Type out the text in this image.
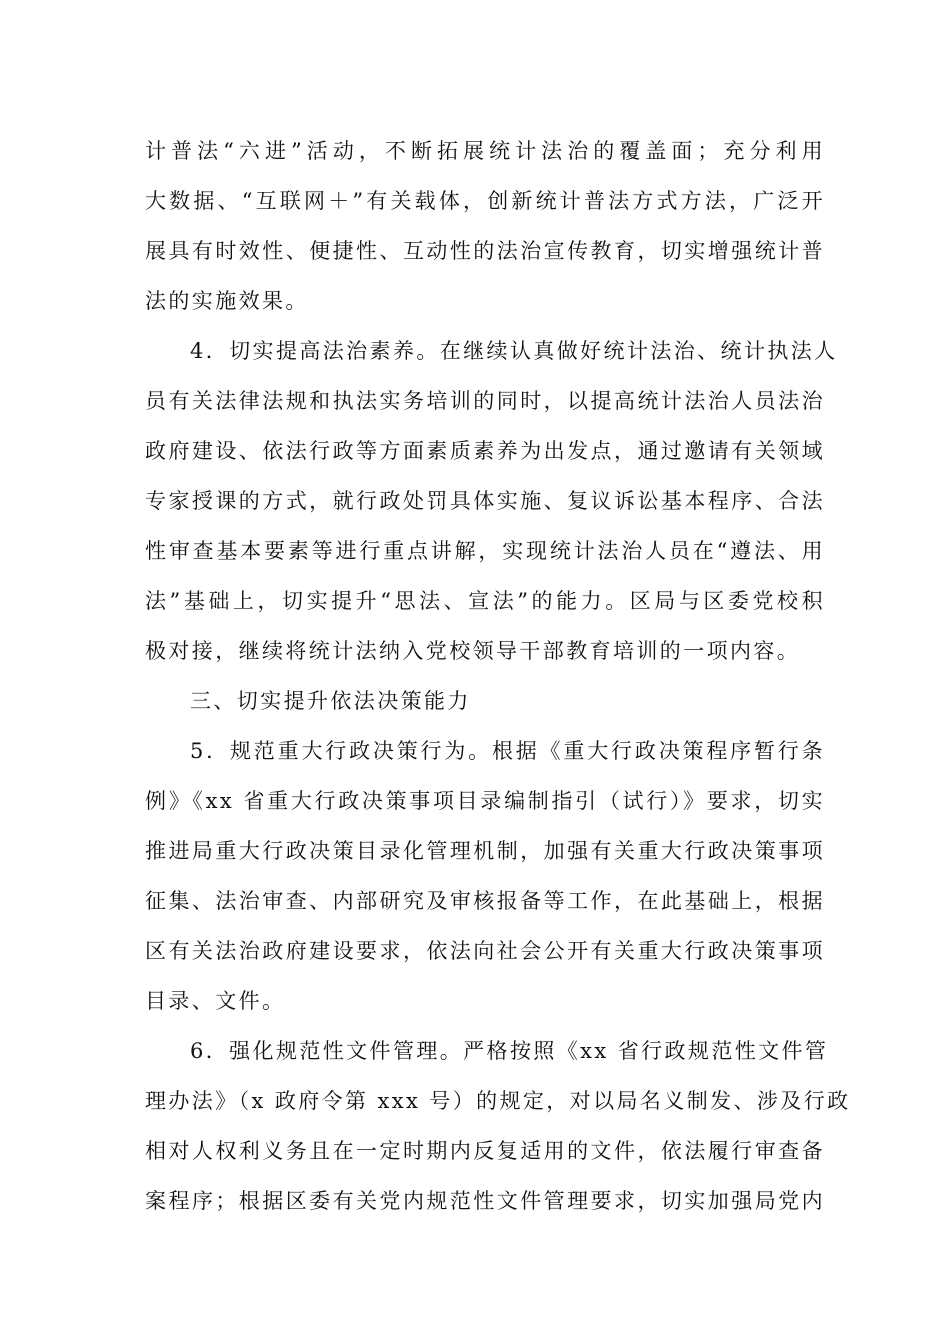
计普法“六进”活动，不断拓展统计法治的覆盖面；充分利用
大数据、“互联网＋”有关载体，创新统计普法方式方法，广泛开
展具有时效性、便捷性、互动性的法治宣传教育，切实增强统计普
法的实施效果。
4．切实提高法治素养。在继续认真做好统计法治、统计执法人
员有关法律法规和执法实务培训的同时，以提高统计法治人员法治
政府建设、依法行政等方面素质素养为出发点，通过邀请有关领域
专家授课的方式，就行政处罚具体实施、复议诉讼基本程序、合法
性审查基本要素等进行重点讲解，实现统计法治人员在“遵法、用
法”基础上，切实提升“思法、宣法”的能力。区局与区委党校积
极对接，继续将统计法纳入党校领导干部教育培训的一项内容。
三、切实提升依法决策能力
5．规范重大行政决策行为。根据《重大行政决策程序暂行条
例》《xx 省重大行政决策事项目录编制指引（试行）》要求，切实
推进局重大行政决策目录化管理机制，加强有关重大行政决策事项
征集、法治审查、内部研究及审核报备等工作，在此基础上，根据
区有关法治政府建设要求，依法向社会公开有关重大行政决策事项
目录、文件。
6．强化规范性文件管理。严格按照《xx 省行政规范性文件管
理办法》（x 政府令第 xxx 号）的规定，对以局名义制发、涉及行政
相对人权利义务且在一定时期内反复适用的文件，依法履行审查备
案程序；根据区委有关党内规范性文件管理要求，切实加强局党内
